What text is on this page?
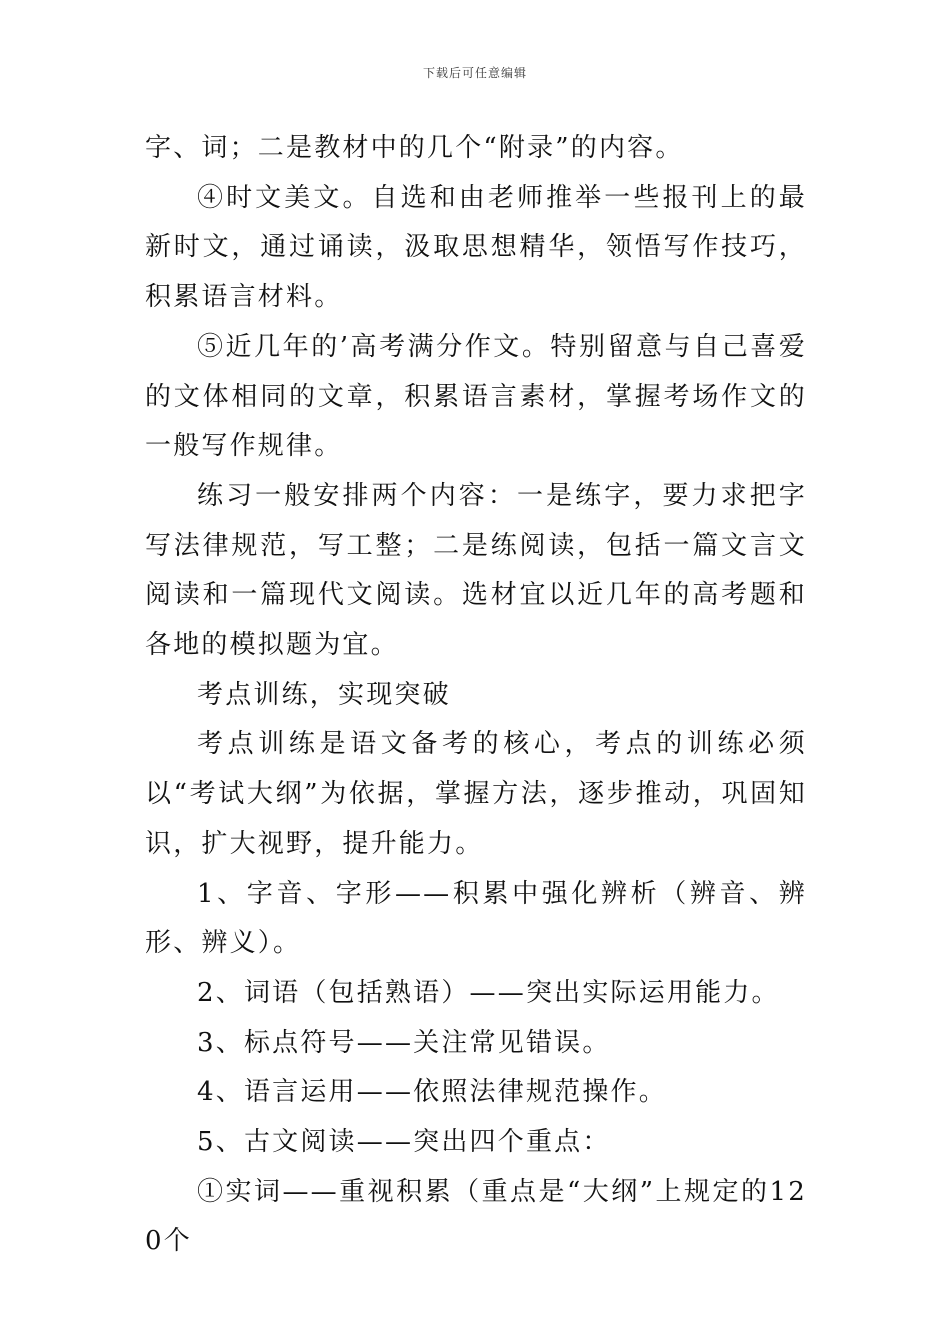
下载后可任意编辑

字、词；二是教材中的几个“附录”的内容。

④时文美文。自选和由老师推举一些报刊上的最新时文，通过诵读，汲取思想精华，领悟写作技巧，积累语言材料。

⑤近几年的’高考满分作文。特别留意与自己喜爱的文体相同的文章，积累语言素材，掌握考场作文的一般写作规律。

练习一般安排两个内容：一是练字，要力求把字写法律规范，写工整；二是练阅读，包括一篇文言文阅读和一篇现代文阅读。选材宜以近几年的高考题和各地的模拟题为宜。

考点训练，实现突破

考点训练是语文备考的核心，考点的训练必须以“考试大纲”为依据，掌握方法，逐步推动，巩固知识，扩大视野，提升能力。

1、字音、字形——积累中强化辨析（辨音、辨形、辨义）。

2、词语（包括熟语）——突出实际运用能力。

3、标点符号——关注常见错误。

4、语言运用——依照法律规范操作。

5、古文阅读——突出四个重点：

①实词——重视积累（重点是“大纲”上规定的120个
